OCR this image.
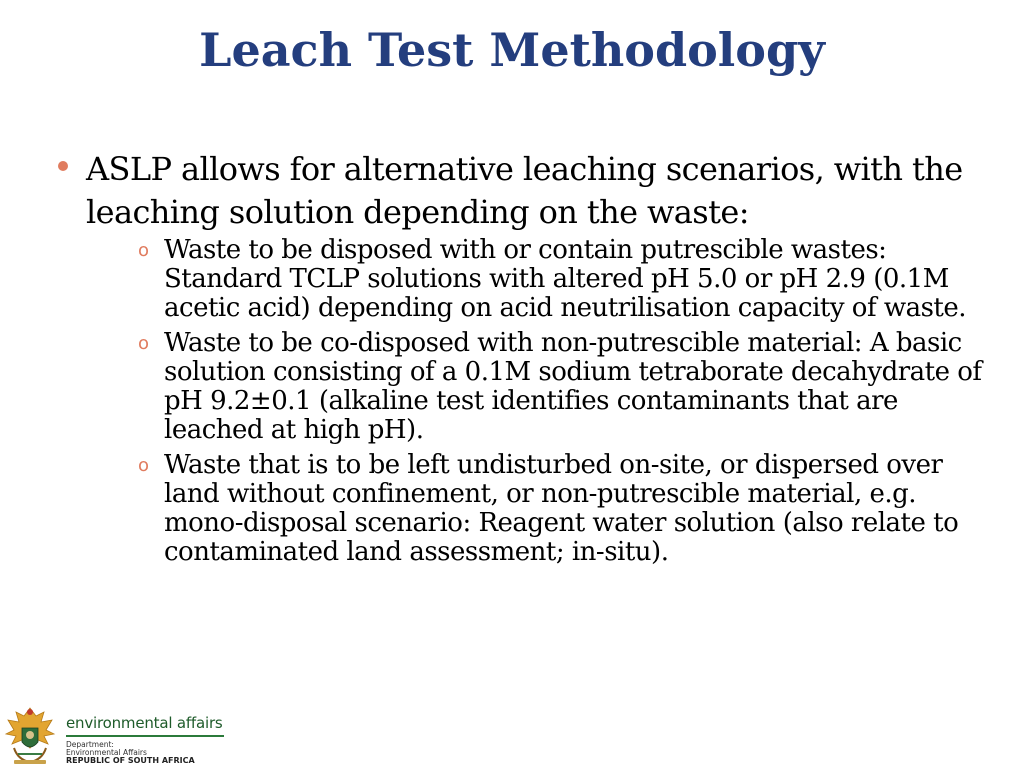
Leach Test Methodology

ASLP allows for alternative leaching scenarios, with the leaching solution depending on the waste:

o Waste to be disposed with or contain putrescible wastes: Standard TCLP solutions with altered pH 5.0 or pH 2.9 (0.1M acetic acid) depending on acid neutrilisation capacity of waste.

o Waste to be co-disposed with non-putrescible material: A basic solution consisting of a 0.1M sodium tetraborate decahydrate of pH 9.2±0.1 (alkaline test identifies contaminants that are leached at high pH).

o Waste that is to be left undisturbed on-site, or dispersed over land without confinement, or non-putrescible material, e.g. mono-disposal scenario: Reagent water solution (also relate to contaminated land assessment; in-situ).

environmental affairs
Department:
Environmental Affairs
REPUBLIC OF SOUTH AFRICA
